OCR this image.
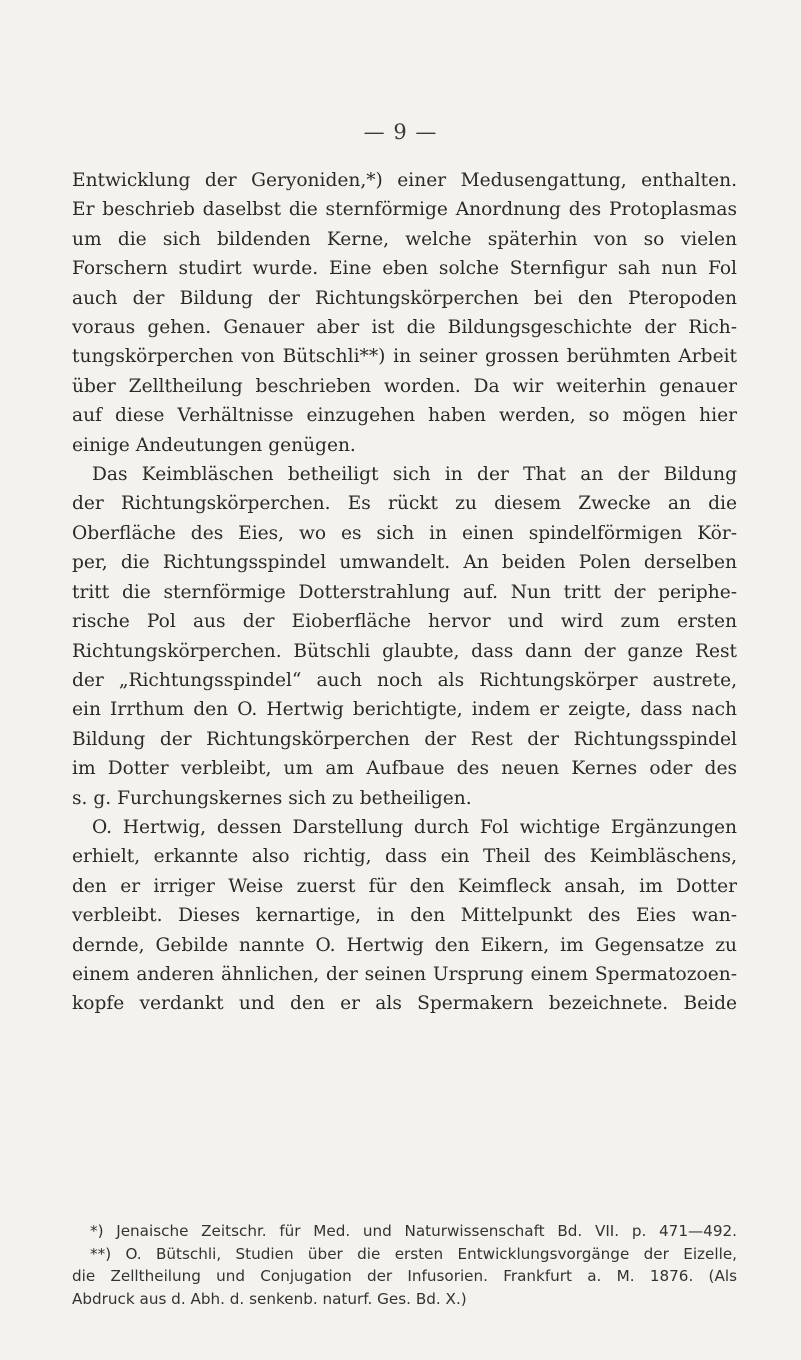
— 9 —
Entwicklung der Geryoniden,*) einer Medusengattung, enthalten.
Er beschrieb daselbst die sternförmige Anordnung des Protoplasmas
um die sich bildenden Kerne, welche späterhin von so vielen
Forschern studirt wurde. Eine eben solche Sternfigur sah nun Fol
auch der Bildung der Richtungskörperchen bei den Pteropoden
voraus gehen. Genauer aber ist die Bildungsgeschichte der Rich-
tungskörperchen von Bütschli**) in seiner grossen berühmten Arbeit
über Zelltheilung beschrieben worden. Da wir weiterhin genauer
auf diese Verhältnisse einzugehen haben werden, so mögen hier
einige Andeutungen genügen.
Das Keimbläschen betheiligt sich in der That an der Bildung
der Richtungskörperchen. Es rückt zu diesem Zwecke an die
Oberfläche des Eies, wo es sich in einen spindelförmigen Kör-
per, die Richtungsspindel umwandelt. An beiden Polen derselben
tritt die sternförmige Dotterstrahlung auf. Nun tritt der periphe-
rische Pol aus der Eioberfläche hervor und wird zum ersten
Richtungskörperchen. Bütschli glaubte, dass dann der ganze Rest
der „Richtungsspindel“ auch noch als Richtungskörper austrete,
ein Irrthum den O. Hertwig berichtigte, indem er zeigte, dass nach
Bildung der Richtungskörperchen der Rest der Richtungsspindel
im Dotter verbleibt, um am Aufbaue des neuen Kernes oder des
s. g. Furchungskernes sich zu betheiligen.
O. Hertwig, dessen Darstellung durch Fol wichtige Ergänzungen
erhielt, erkannte also richtig, dass ein Theil des Keimbläschens,
den er irriger Weise zuerst für den Keimfleck ansah, im Dotter
verbleibt. Dieses kernartige, in den Mittelpunkt des Eies wan-
dernde, Gebilde nannte O. Hertwig den Eikern, im Gegensatze zu
einem anderen ähnlichen, der seinen Ursprung einem Spermatozoen-
kopfe verdankt und den er als Spermakern bezeichnete. Beide
*) Jenaische Zeitschr. für Med. und Naturwissenschaft Bd. VII. p. 471—492.
**) O. Bütschli, Studien über die ersten Entwicklungsvorgänge der Eizelle,
die Zelltheilung und Conjugation der Infusorien. Frankfurt a. M. 1876. (Als
Abdruck aus d. Abh. d. senkenb. naturf. Ges. Bd. X.)
